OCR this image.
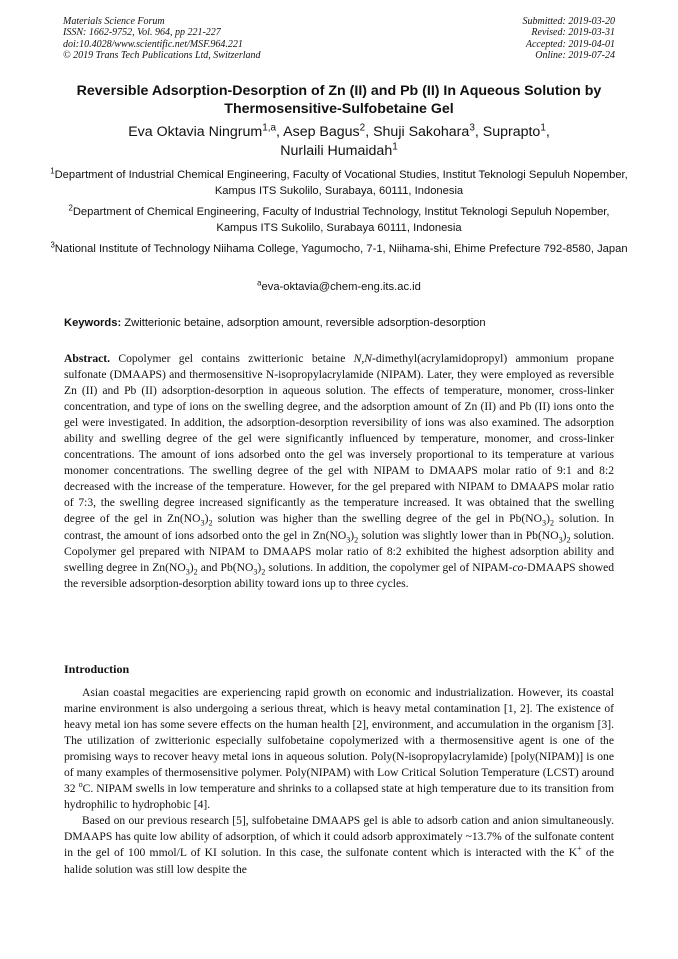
Materials Science Forum
ISSN: 1662-9752, Vol. 964, pp 221-227
doi:10.4028/www.scientific.net/MSF.964.221
© 2019 Trans Tech Publications Ltd, Switzerland
Submitted: 2019-03-20
Revised: 2019-03-31
Accepted: 2019-04-01
Online: 2019-07-24
Reversible Adsorption-Desorption of Zn (II) and Pb (II) In Aqueous Solution by Thermosensitive-Sulfobetaine Gel
Eva Oktavia Ningrum$^{1,a}$, Asep Bagus$^2$, Shuji Sakohara$^3$, Suprapto$^1$,
Nurlaili Humaidah$^1$
$^1$Department of Industrial Chemical Engineering, Faculty of Vocational Studies, Institut Teknologi Sepuluh Nopember, Kampus ITS Sukolilo, Surabaya, 60111, Indonesia
$^2$Department of Chemical Engineering, Faculty of Industrial Technology, Institut Teknologi Sepuluh Nopember, Kampus ITS Sukolilo, Surabaya 60111, Indonesia
$^3$National Institute of Technology Niihama College, Yagumocho, 7-1, Niihama-shi, Ehime Prefecture 792-8580, Japan
$^a$eva-oktavia@chem-eng.its.ac.id
Keywords: Zwitterionic betaine, adsorption amount, reversible adsorption-desorption
Abstract. Copolymer gel contains zwitterionic betaine N,N-dimethyl(acrylamidopropyl) ammonium propane sulfonate (DMAAPS) and thermosensitive N-isopropylacrylamide (NIPAM). Later, they were employed as reversible Zn (II) and Pb (II) adsorption-desorption in aqueous solution. The effects of temperature, monomer, cross-linker concentration, and type of ions on the swelling degree, and the adsorption amount of Zn (II) and Pb (II) ions onto the gel were investigated. In addition, the adsorption-desorption reversibility of ions was also examined. The adsorption ability and swelling degree of the gel were significantly influenced by temperature, monomer, and cross-linker concentrations. The amount of ions adsorbed onto the gel was inversely proportional to its temperature at various monomer concentrations. The swelling degree of the gel with NIPAM to DMAAPS molar ratio of 9:1 and 8:2 decreased with the increase of the temperature. However, for the gel prepared with NIPAM to DMAAPS molar ratio of 7:3, the swelling degree increased significantly as the temperature increased. It was obtained that the swelling degree of the gel in $Zn(NO_3)_2$ solution was higher than the swelling degree of the gel in $Pb(NO_3)_2$ solution. In contrast, the amount of ions adsorbed onto the gel in $Zn(NO_3)_2$ solution was slightly lower than in $Pb(NO_3)_2$ solution. Copolymer gel prepared with NIPAM to DMAAPS molar ratio of 8:2 exhibited the highest adsorption ability and swelling degree in $Zn(NO_3)_2$ and $Pb(NO_3)_2$ solutions. In addition, the copolymer gel of NIPAM-co-DMAAPS showed the reversible adsorption-desorption ability toward ions up to three cycles.
Introduction

Asian coastal megacities are experiencing rapid growth on economic and industrialization. However, its coastal marine environment is also undergoing a serious threat, which is heavy metal contamination [1, 2]. The existence of heavy metal ion has some severe effects on the human health [2], environment, and accumulation in the organism [3]. The utilization of zwitterionic especially sulfobetaine copolymerized with a thermosensitive agent is one of the promising ways to recover heavy metal ions in aqueous solution. Poly(N-isopropylacrylamide) [poly(NIPAM)] is one of many examples of thermosensitive polymer. Poly(NIPAM) with Low Critical Solution Temperature (LCST) around 32 $^o$C. NIPAM swells in low temperature and shrinks to a collapsed state at high temperature due to its transition from hydrophilic to hydrophobic [4].

Based on our previous research [5], sulfobetaine DMAAPS gel is able to adsorb cation and anion simultaneously. DMAAPS has quite low ability of adsorption, of which it could adsorb approximately ~13.7% of the sulfonate content in the gel of 100 mmol/L of KI solution. In this case, the sulfonate content which is interacted with the K+ of the halide solution was still low despite the
